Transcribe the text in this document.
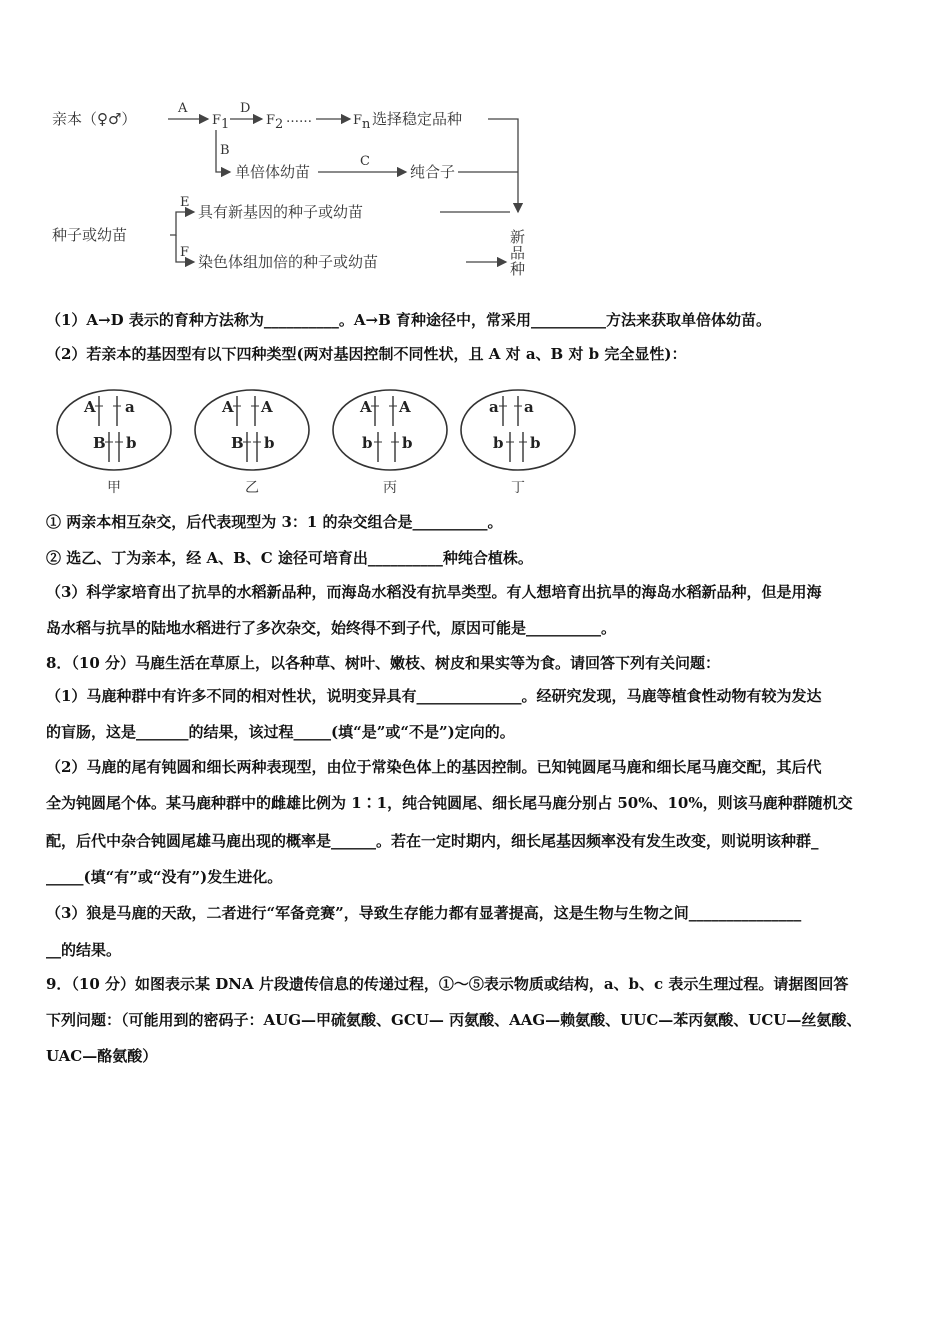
亲本（♀♂）
A
F 1
D
F 2 ……	F n 选择稳定品种
B
单倍体幼苗
C
纯合子
种子或幼苗
E
具有新基因的种子或幼苗
F
染色体组加倍的种子或幼苗
新
品
种
（1）A→D 表示的育种方法称为__________。A→B 育种途径中，常采用__________方法来获取单倍体幼苗。
（2）若亲本的基因型有以下四种类型(两对基因控制不同性状，且 A 对 a、B 对 b 完全显性)：
A a
B b
甲
A A
B b
乙
A A
b b
丙
a a
b b
丁
① 两亲本相互杂交，后代表现型为 3：1 的杂交组合是__________。
② 选乙、丁为亲本，经 A、B、C 途径可培育出__________种纯合植株。
（3）科学家培育出了抗旱的水稻新品种，而海岛水稻没有抗旱类型。有人想培育出抗旱的海岛水稻新品种，但是用海
岛水稻与抗旱的陆地水稻进行了多次杂交，始终得不到子代，原因可能是__________。
8．（10 分）马鹿生活在草原上，以各种草、树叶、嫩枝、树皮和果实等为食。请回答下列有关问题：
（1）马鹿种群中有许多不同的相对性状，说明变异具有______________。经研究发现，马鹿等植食性动物有较为发达
的盲肠，这是_______的结果，该过程_____(填“是”或“不是”)定向的。
（2）马鹿的尾有钝圆和细长两种表现型，由位于常染色体上的基因控制。已知钝圆尾马鹿和细长尾马鹿交配，其后代
全为钝圆尾个体。某马鹿种群中的雌雄比例为 1∶1，纯合钝圆尾、细长尾马鹿分别占 50%、10%，则该马鹿种群随机交
配，后代中杂合钝圆尾雄马鹿出现的概率是______。若在一定时期内，细长尾基因频率没有发生改变，则说明该种群_
_____(填“有”或“没有”)发生进化。
（3）狼是马鹿的天敌，二者进行“军备竞赛”，导致生存能力都有显著提高，这是生物与生物之间_______________
__的结果。
9．（10 分）如图表示某 DNA 片段遗传信息的传递过程，①～⑤表示物质或结构，a、b、c 表示生理过程。请据图回答
下列问题：（可能用到的密码子：AUG—甲硫氨酸、GCU— 丙氨酸、AAG—赖氨酸、UUC—苯丙氨酸、UCU—丝氨酸、
UAC—酪氨酸）
